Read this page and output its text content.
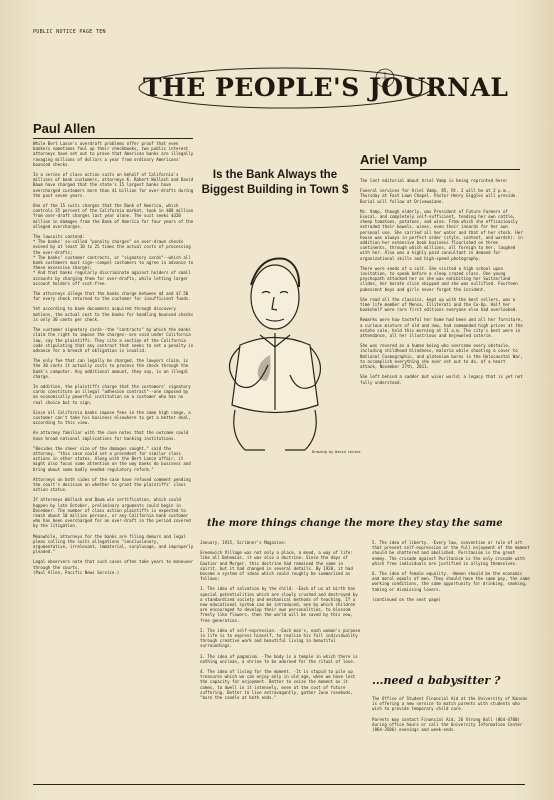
PUBLIC NOTICE PAGE TEN
THE PEOPLE'S JOURNAL
Paul Allen
While Bert Lance's overdraft problems offer proof that even bankers sometimes foul up their checkbooks, two public interest attorneys have set out to prove that American banks are illegally ravaging millions of dollars a year from ordinary Americans' bounced checks.
In a series of class action suits on behalf of California's millions of bank customers, attorneys K. Robert Wallach and David Baum have charged that the state's 15 largest banks have overcharged customers more than $1 billion for over-drafts during the past seven years.
One of the 15 suits charges that the Bank of America, which controls 35 percent of the California market, took in $80 million from over-draft charges last year alone. The suit seeks $320 million in damages from the Bank of America for four years of the alleged overcharges.
The lawsuits contend:
* The banks' so-called "penalty charges" on over-drawn checks exceed by at least 10 to 25 times the actual costs of processing the over-drafts;
* The banks' customer contracts, or "signatory cards"--which all bank customers must sign--compel customers to agree in advance to these excessive charges;
* And that banks regularly discriminate against holders of small accounts by charging them for over-drafts, while letting larger account holders off scot-free.
The attorneys allege that the banks charge between $4 and $7.50 for every check returned to the customer for insufficient funds.
Yet according to bank documents acquired through discovery motions, the actual cost to the banks for handling bounced checks is only 30 cents per check.
The customer signatory cards--the "contracts" by which the banks claim the right to impose the charges--are void under California law, say the plaintiffs. They cite a section of the California code stipulating that any contract that seeks to set a penalty in advance for a breach of obligation is invalid.
The only fee that can legally be charged, the lawyers claim, is the 30 cents it actually costs to process the check through the bank's computer. Any additional amount, they say, is an illegal charge.
In addition, the plaintiffs charge that the customers' signatory cards constitute an illegal "adhesion contract"--one imposed by an economically powerful institution on a customer who has no real choice but to sign.
Since all California banks impose fees in the same high range, a customer can't take his business elsewhere to get a better deal, according to this view.
An attorney familiar with the case notes that the outcome could have broad national implications for banking institutions.
"Besides the sheer size of the damages sought," said the attorney, "this case could set a precedent for similar class actions in other states. Along with the Bert Lance affair, it might also focus some attention on the way banks do business and bring about some badly needed regulatory reform."
Attorneys on both sides of the case have refused comment pending the court's decision on whether to grant the plaintiffs' class action status.
If attorneys Wallach and Baum win certification, which could happen by late October, preliminary arguments could begin in December. The number of class action plaintiffs is expected to reach about 10 million persons, or any California bank customer who has been overcharged for an over-draft in the period covered by the litigation.
Meanwhile, attorneys for the banks are filing demurs and legal pleas calling the suits allegations "conclusionary, argumentative, irrelevant, immaterial, surplusage, and improperly pleaded."
Legal observers note that such cases often take years to maneuver through the courts.
(Paul Allen, Pacific News Service.)
Is the Bank Always the Biggest Building in Town $
Drawing by David Levine
Ariel Vamp
The last editorial about Ariel Vamp is being reprinted here:
Funeral services for Ariel Vamp, 85, Rt. 2 will be at 2 p.m., Thursday at Fast Lawn Chapel. Pastor Henry Giggles will preside. Burial will follow at Drivewaiane.
Ms. Vamp, though elderly, was President of Future Farmers of Esocal, and completely self-sufficient, tending her own cattle, sheep tomatoes, potatoes, and wine. From which she efficaciously extruded their bowels, wines, even their innards for her own personal use. She carried all her water and that of her stock. Her house was always in perfect order (style, content, and wardsh): in addition her extensive book business flourished on three continents, through which millions, all foreign to her, laughed with her. Also was a highly paid consultant in demand for organizational skills and high-speed photography.
There were seeds of a cult. She visited a high school upon invitation, to speak before a sleep crazed class. One young psychopath attacked her as she was exhibiting her Switzerland slides, her karate slice skipped and she was nullified. Fourteen pubescent boys and girls never forgot the incident.
She read all the classics, kept up with the best sellers, was a time life member of Mensa, Illiterati and the Co-Op. Half her bookshelf were rare first editions everyone else had overlooked.
Remarks were how tasteful her home had been and all her furniture, a curious mixture of old and new, had commanded high prices at the estate sale, held this morning at 11 a.m. The city's best were in attendance, all her illustrious and bejeweled coterie.
She was revered as a human being who overcame every obstacle, including childhood blindness, malaria while shooting a cover to National Cosmographic, and platonium burns in the Holocaustal War, to accomplish everything she ever set out to do, of a heart attack, November 27th, 2011.
She left behind a sadder but wiser world; a legacy that is yet not fully understood.
the more things change the more they stay the same
January, 1915, Scribner's Magazine:
Greenwich Village was not only a place, a mood, a way of life: like all Bohemias, it was also a doctrine. Since the days of Gautier and Murger, this doctrine had remained the same in spirit, but it had changed in several details. By 1920, it had become a system of ideas which could roughly be summarized as follows:
1. The idea of salvation by the child. -Each of us at birth has special potentialities which are slowly crushed and destroyed by a standardized society and mechanical methods of teaching. If a new educational system can be introduced, one by which children are encouraged to develop their own personalities, to blossom freely like flowers, then the world will be saved by this new, free generation.
2. The idea of self-expression. -Each man's, each woman's purpose in life is to express himself, to realize his full individuality through creative work and beautiful living in beautiful surroundings.
3. The idea of paganism. -The body is a temple in which there is nothing unclean, a shrine to be adorned for the ritual of love.
4. The idea of living for the moment. -It is stupid to pile up treasures which we can enjoy only in old age, when we have lost the capacity for enjoyment. Better to seize the moment as it comes, to dwell in it intensely, even at the cost of future suffering. Better to live extravagantly, gather June rosebuds, "burn the candle at both ends."
5. The idea of liberty. -Every law, convention or rule of art that prevent self-expression or the full enjoyment of the moment should be shattered and abolished. Puritanism is the great enemy. The crusade against Puritanism is the only crusade with which free individuals are justified in allying themselves.
6. The idea of female equality. -Women should be the economic and moral equals of men. They should have the same pay, the same working conditions, the same opportunity for drinking, smoking, taking or dismissing lovers.
(continued on the next page)
...need a babysitter ?
The Office of Student Financial Aid at the University of Kansas is offering a new service to match parents with students who wish to provide temporary child care.
Parents may contact Financial Aid, 26 Strong Hall (864-4700) during office hours or call the University Information Center (864-3506) evenings and week-ends.
